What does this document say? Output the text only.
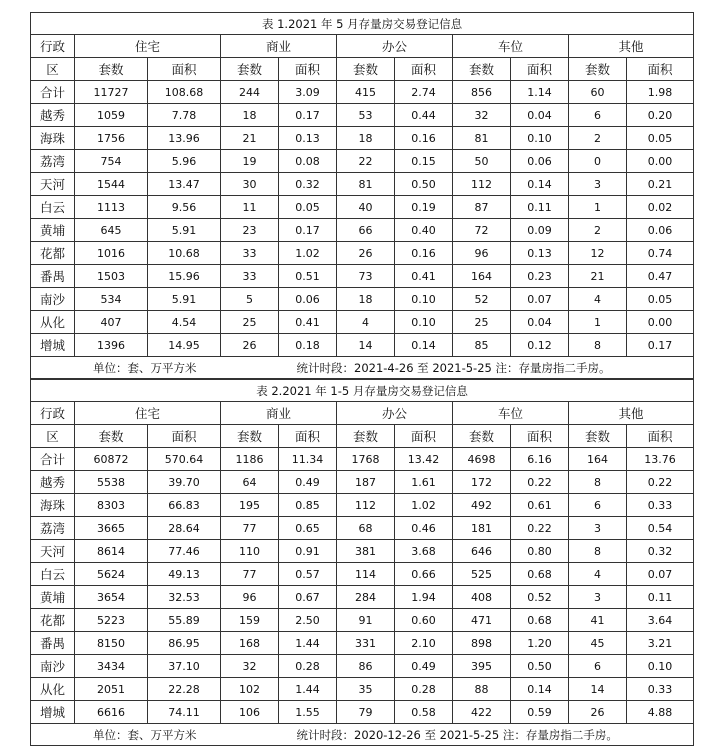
表 1.2021 年 5 月存量房交易登记信息										
行政	住宅		商业		办公		车位		其他	
区	套数	面积	套数	面积	套数	面积	套数	面积	套数	面积
合计	11727	108.68	244	3.09	415	2.74	856	1.14	60	1.98
越秀	1059	7.78	18	0.17	53	0.44	32	0.04	6	0.20
海珠	1756	13.96	21	0.13	18	0.16	81	0.10	2	0.05
荔湾	754	5.96	19	0.08	22	0.15	50	0.06	0	0.00
天河	1544	13.47	30	0.32	81	0.50	112	0.14	3	0.21
白云	1113	9.56	11	0.05	40	0.19	87	0.11	1	0.02
黄埔	645	5.91	23	0.17	66	0.40	72	0.09	2	0.06
花都	1016	10.68	33	1.02	26	0.16	96	0.13	12	0.74
番禺	1503	15.96	33	0.51	73	0.41	164	0.23	21	0.47
南沙	534	5.91	5	0.06	18	0.10	52	0.07	4	0.05
从化	407	4.54	25	0.41	4	0.10	25	0.04	1	0.00
增城	1396	14.95	26	0.18	14	0.14	85	0.12	8	0.17
单位：套、万平方米 统计时段：2021-4-26 至 2021-5-25 注：存量房指二手房。										
表 2.2021 年 1-5 月存量房交易登记信息										
行政	住宅		商业		办公		车位		其他	
区	套数	面积	套数	面积	套数	面积	套数	面积	套数	面积
合计	60872	570.64	1186	11.34	1768	13.42	4698	6.16	164	13.76
越秀	5538	39.70	64	0.49	187	1.61	172	0.22	8	0.22
海珠	8303	66.83	195	0.85	112	1.02	492	0.61	6	0.33
荔湾	3665	28.64	77	0.65	68	0.46	181	0.22	3	0.54
天河	8614	77.46	110	0.91	381	3.68	646	0.80	8	0.32
白云	5624	49.13	77	0.57	114	0.66	525	0.68	4	0.07
黄埔	3654	32.53	96	0.67	284	1.94	408	0.52	3	0.11
花都	5223	55.89	159	2.50	91	0.60	471	0.68	41	3.64
番禺	8150	86.95	168	1.44	331	2.10	898	1.20	45	3.21
南沙	3434	37.10	32	0.28	86	0.49	395	0.50	6	0.10
从化	2051	22.28	102	1.44	35	0.28	88	0.14	14	0.33
增城	6616	74.11	106	1.55	79	0.58	422	0.59	26	4.88
单位：套、万平方米 统计时段：2020-12-26 至 2021-5-25 注：存量房指二手房。										
